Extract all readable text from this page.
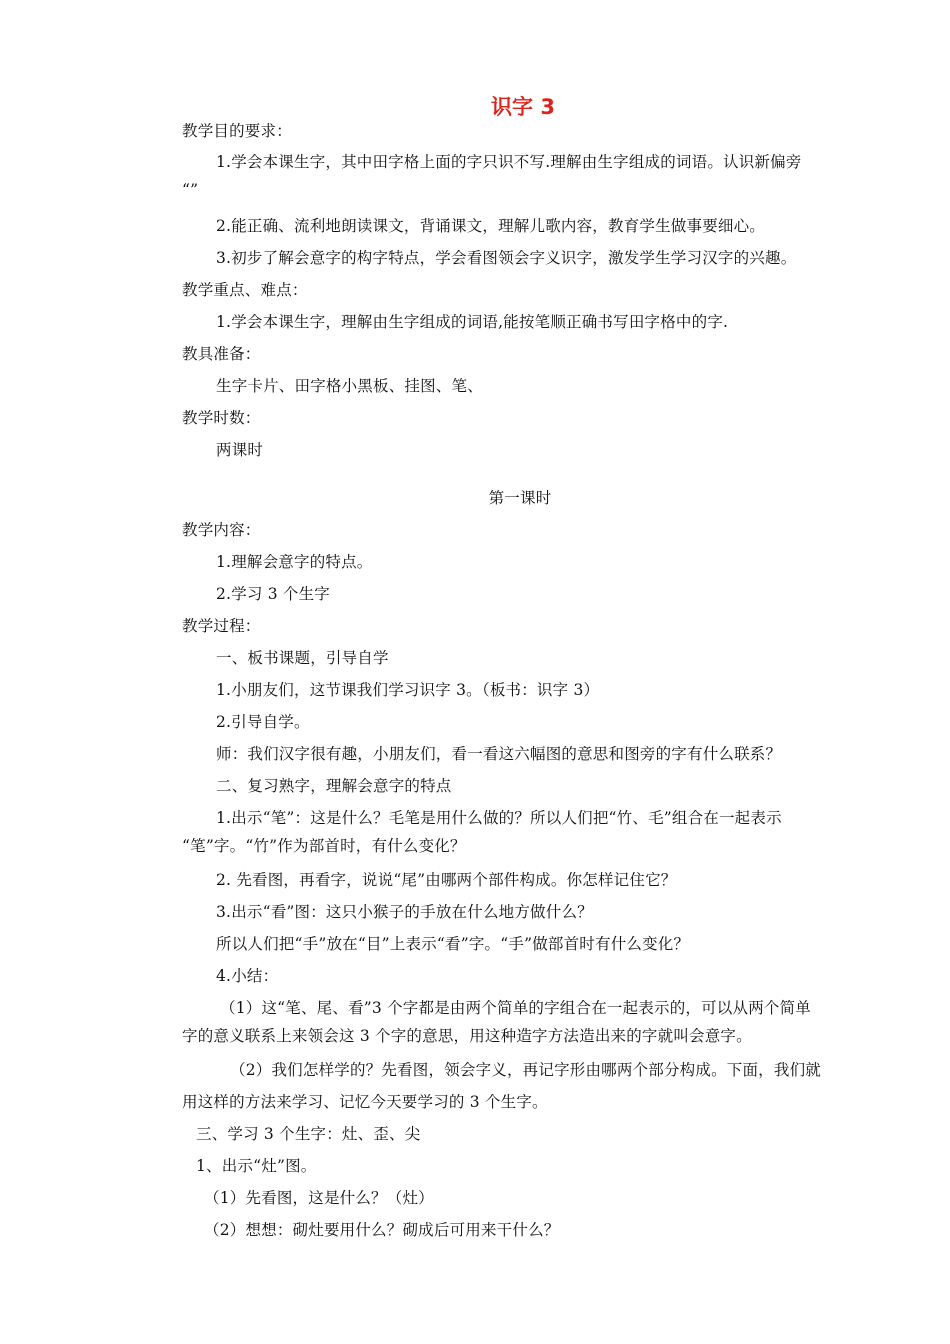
识字 3
教学目的要求：
1.学会本课生字，其中田字格上面的字只识不写.理解由生字组成的词语。认识新偏旁
“”
2.能正确、流利地朗读课文，背诵课文，理解儿歌内容，教育学生做事要细心。
3.初步了解会意字的构字特点，学会看图领会字义识字，激发学生学习汉字的兴趣。
教学重点、难点：
1.学会本课生字，理解由生字组成的词语,能按笔顺正确书写田字格中的字.
教具准备：
生字卡片、田字格小黑板、挂图、笔、
教学时数：
两课时
第一课时
教学内容：
1.理解会意字的特点。
2.学习 3 个生字
教学过程：
一、板书课题，引导自学
1.小朋友们，这节课我们学习识字 3。（板书：识字 3）
2.引导自学。
师：我们汉字很有趣，小朋友们，看一看这六幅图的意思和图旁的字有什么联系？
二、复习熟字，理解会意字的特点
1.出示“笔”：这是什么？毛笔是用什么做的？所以人们把“竹、毛”组合在一起表示
“笔”字。“竹”作为部首时，有什么变化？
2. 先看图，再看字，说说“尾”由哪两个部件构成。你怎样记住它？
3.出示“看”图：这只小猴子的手放在什么地方做什么？
所以人们把“手”放在“目”上表示“看”字。“手”做部首时有什么变化？
4.小结：
（1）这“笔、尾、看”3 个字都是由两个简单的字组合在一起表示的，可以从两个简单
字的意义联系上来领会这 3 个字的意思，用这种造字方法造出来的字就叫会意字。
（2）我们怎样学的？先看图，领会字义，再记字形由哪两个部分构成。下面，我们就
用这样的方法来学习、记忆今天要学习的 3 个生字。
三、学习 3 个生字：灶、歪、尖
1、出示“灶”图。
（1）先看图，这是什么？（灶）
（2）想想：砌灶要用什么？砌成后可用来干什么？
